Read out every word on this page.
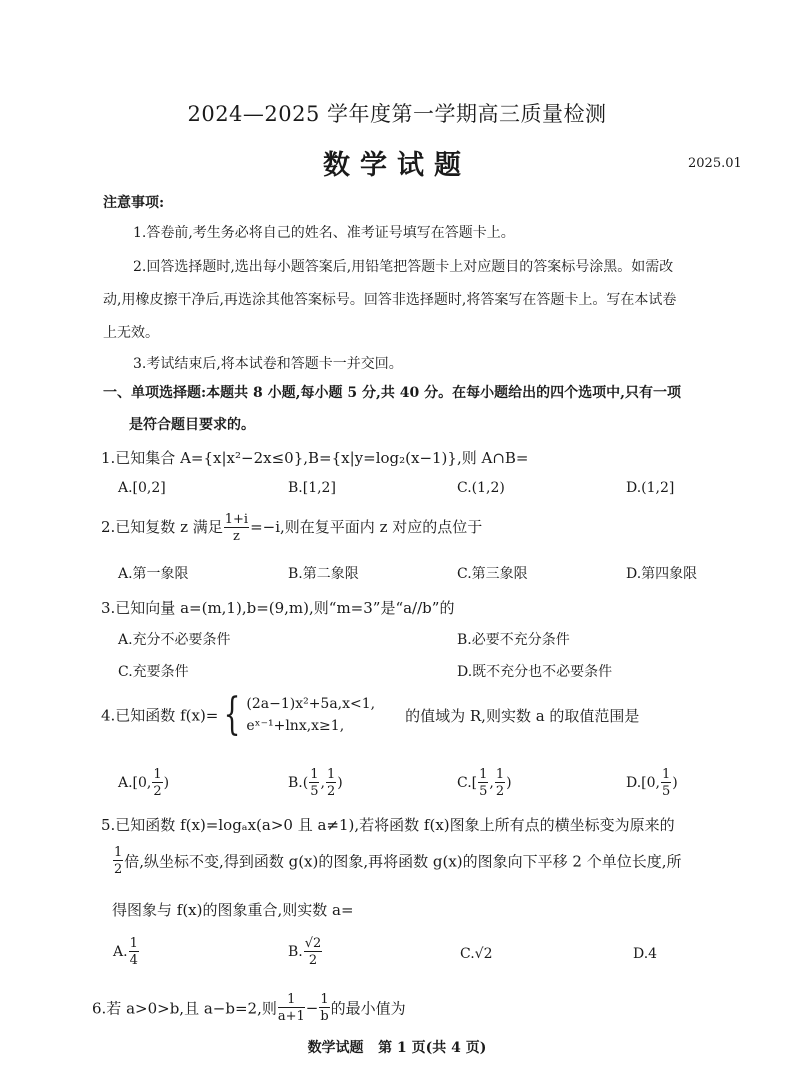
2024—2025 学年度第一学期高三质量检测
数学试题	2025.01
注意事项:
1.答卷前,考生务必将自己的姓名、准考证号填写在答题卡上。
2.回答选择题时,选出每小题答案后,用铅笔把答题卡上对应题目的答案标号涂黑。如需改
动,用橡皮擦干净后,再选涂其他答案标号。回答非选择题时,将答案写在答题卡上。写在本试卷
上无效。
3.考试结束后,将本试卷和答题卡一并交回。
一、单项选择题:本题共 8 小题,每小题 5 分,共 40 分。在每小题给出的四个选项中,只有一项
是符合题目要求的。
1.已知集合 A={x|x²−2x≤0},B={x|y=log₂(x−1)},则 A∩B=
A.[0,2]	B.[1,2]	C.(1,2)	D.(1,2]
2.已知复数 z 满足 $\frac{1+i}{z} =-i$,则在复平面内 z 对应的点位于
A.第一象限	B.第二象限	C.第三象限	D.第四象限
3.已知向量 a=(m,1),b=(9,m),则“m=3”是“a//b”的
A.充分不必要条件	B.必要不充分条件
C.充要条件	D.既不充分也不必要条件
4.已知函数 f(x)= { (2a−1)x²+5a,x<1,
eˣ⁻¹+lnx,x≥1,
的值域为 R,则实数 a 的取值范围是
A.[0, $\frac{1}{2}$ )	$B.( \frac{1}{5}$ , $\frac{1}{2}$ )	$C.[ \frac{1}{5}$ , $\frac{1}{2}$ )	D.[0, $\frac{1}{5}$ )
5.已知函数 f(x)=logₐx(a>0 且 a≠1),若将函数 f(x)图象上所有点的横坐标变为原来的
$\frac{1}{2}$ 倍,纵坐标不变,得到函数 g(x)的图象,再将函数 g(x)的图象向下平移 2 个单位长度,所
得图象与 f(x)的图象重合,则实数 a=
A. $\frac{1}{4}$	B. $\frac{√2}{2}$	C.√2	D.4
6.若 a>0>b,且 a−b=2,则 $\frac{1}{a+1} - \frac{1}{b}$ 的最小值为
数学试题   第 1 页(共 4 页)
